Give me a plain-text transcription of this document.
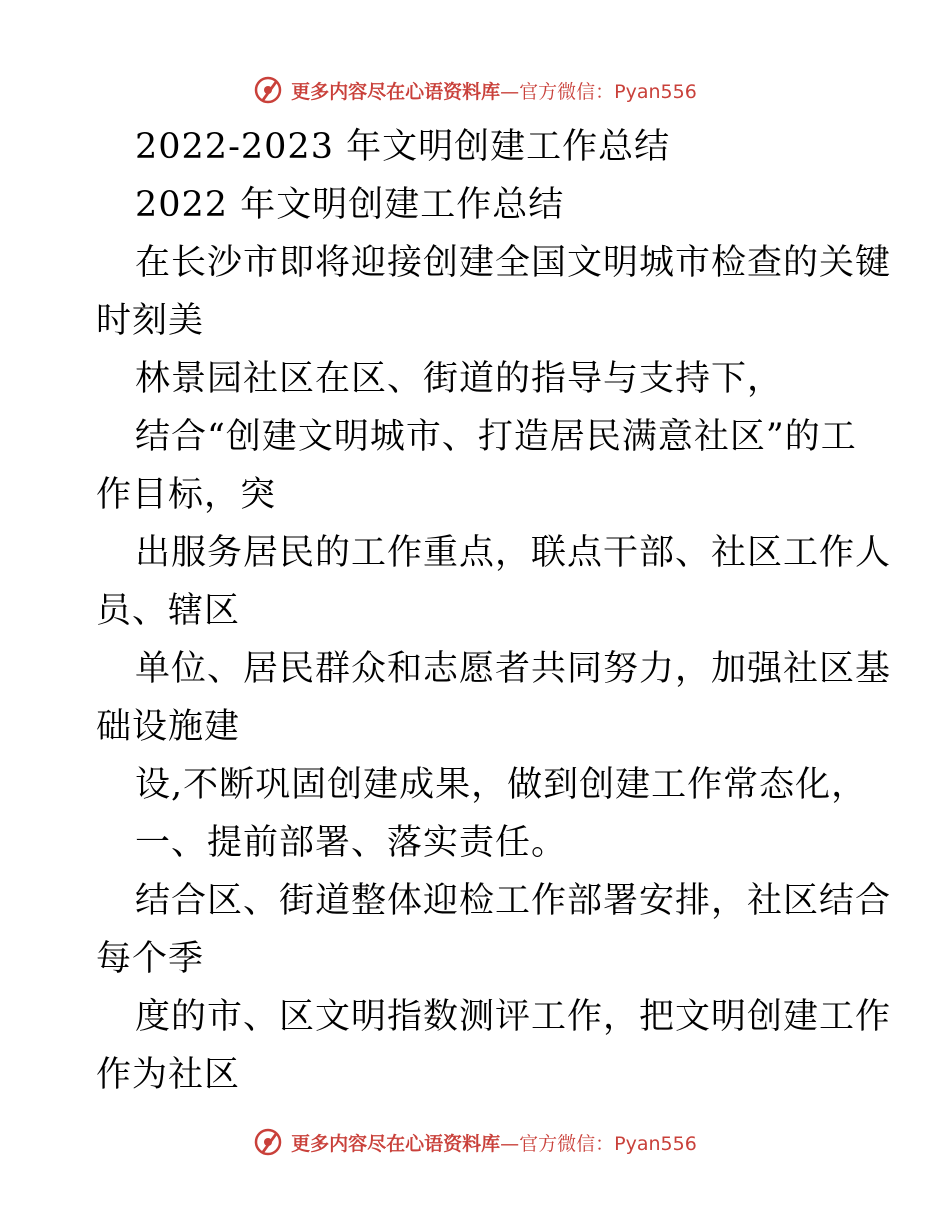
更多内容尽在心语资料库—官方微信：Pyan556
2022-2023 年文明创建工作总结
2022 年文明创建工作总结
在长沙市即将迎接创建全国文明城市检查的关键
时刻美
林景园社区在区、街道的指导与支持下，
结合“创建文明城市、打造居民满意社区”的工
作目标，突
出服务居民的工作重点，联点干部、社区工作人
员、辖区
单位、居民群众和志愿者共同努力，加强社区基
础设施建
设,不断巩固创建成果，做到创建工作常态化，
一、提前部署、落实责任。
结合区、街道整体迎检工作部署安排，社区结合
每个季
度的市、区文明指数测评工作，把文明创建工作
作为社区
更多内容尽在心语资料库—官方微信：Pyan556
